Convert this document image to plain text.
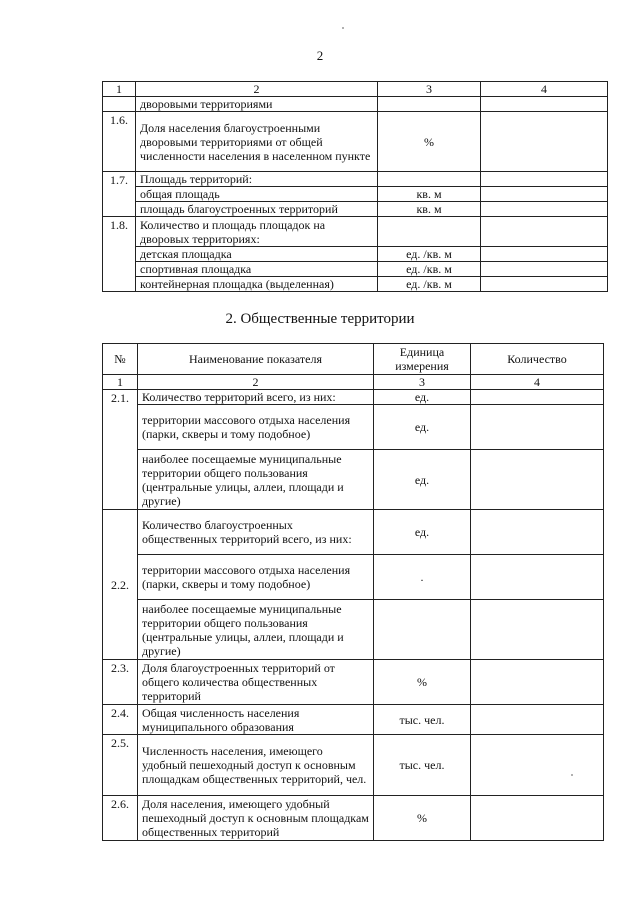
2
1	2	3	4
	дворовыми территориями		
1.6.	Доля населения благоустроенными дворовыми территориями от общей численности населения в населенном пункте	%	
1.7.	Площадь территорий:		
	общая площадь	кв. м	
	площадь благоустроенных территорий	кв. м	
1.8.	Количество и площадь площадок на дворовых территориях:		
	детская площадка	ед. /кв. м	
	спортивная площадка	ед. /кв. м	
	контейнерная площадка (выделенная)	ед. /кв. м	
2. Общественные территории
№	Наименование показателя	Единица измерения	Количество
1	2	3	4
2.1.	Количество территорий всего, из них:	ед.	
	территории массового отдыха населения (парки, скверы и тому подобное)	ед.	
	наиболее посещаемые муниципальные территории общего пользования (центральные улицы, аллеи, площади и другие)	ед.	
2.2.	Количество благоустроенных общественных территорий всего, из них:	ед.	
	территории массового отдыха населения (парки, скверы и тому подобное)	.	
	наиболее посещаемые муниципальные территории общего пользования (центральные улицы, аллеи, площади и другие)		
2.3.	Доля благоустроенных территорий от общего количества общественных территорий	%	
2.4.	Общая численность населения муниципального образования	тыс. чел.	
2.5.	Численность населения, имеющего удобный пешеходный доступ к основным площадкам общественных территорий, чел.	тыс. чел.	
2.6.	Доля населения, имеющего удобный пешеходный доступ к основным площадкам общественных территорий	%	
